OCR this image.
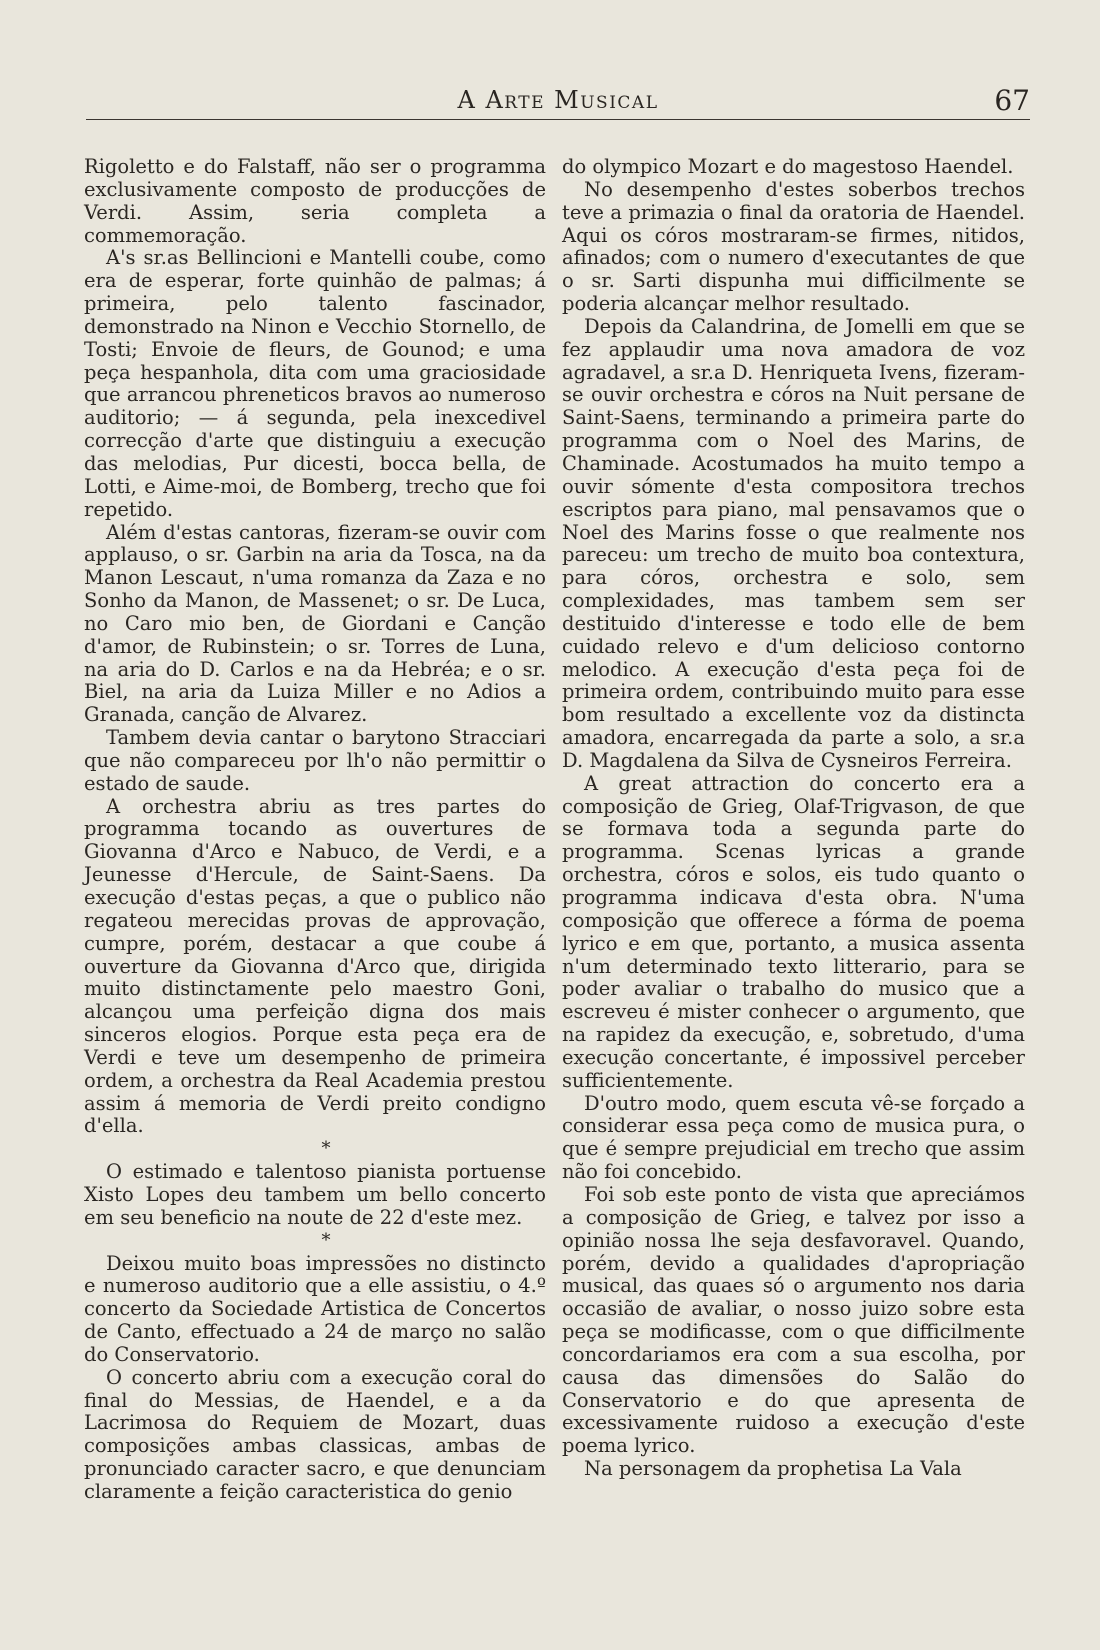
A Arte Musical	67

Rigoletto e do Falstaff, não ser o programma exclusivamente composto de producções de Verdi. Assim, seria completa a commemoração.

A's sr.as Bellincioni e Mantelli coube, como era de esperar, forte quinhão de palmas; á primeira, pelo talento fascinador, demonstrado na Ninon e Vecchio Stornello, de Tosti; Envoie de fleurs, de Gounod; e uma peça hespanhola, dita com uma graciosidade que arrancou phreneticos bravos ao numeroso auditorio; — á segunda, pela inexcedivel correcção d'arte que distinguiu a execução das melodias, Pur dicesti, bocca bella, de Lotti, e Aime-moi, de Bomberg, trecho que foi repetido.

Além d'estas cantoras, fizeram-se ouvir com applauso, o sr. Garbin na aria da Tosca, na da Manon Lescaut, n'uma romanza da Zaza e no Sonho da Manon, de Massenet; o sr. De Luca, no Caro mio ben, de Giordani e Canção d'amor, de Rubinstein; o sr. Torres de Luna, na aria do D. Carlos e na da Hebréa; e o sr. Biel, na aria da Luiza Miller e no Adios a Granada, canção de Alvarez.

Tambem devia cantar o barytono Stracciari que não compareceu por lh'o não permittir o estado de saude.

A orchestra abriu as tres partes do programma tocando as ouvertures de Giovanna d'Arco e Nabuco, de Verdi, e a Jeunesse d'Hercule, de Saint-Saens. Da execução d'estas peças, a que o publico não regateou merecidas provas de approvação, cumpre, porém, destacar a que coube á ouverture da Giovanna d'Arco que, dirigida muito distinctamente pelo maestro Goni, alcançou uma perfeição digna dos mais sinceros elogios. Porque esta peça era de Verdi e teve um desempenho de primeira ordem, a orchestra da Real Academia prestou assim á memoria de Verdi preito condigno d'ella.

*

O estimado e talentoso pianista portuense Xisto Lopes deu tambem um bello concerto em seu beneficio na noute de 22 d'este mez.

*

Deixou muito boas impressões no distincto e numeroso auditorio que a elle assistiu, o 4.º concerto da Sociedade Artistica de Concertos de Canto, effectuado a 24 de março no salão do Conservatorio.

O concerto abriu com a execução coral do final do Messias, de Haendel, e a da Lacrimosa do Requiem de Mozart, duas composições ambas classicas, ambas de pronunciado caracter sacro, e que denunciam claramente a feição caracteristica do genio

do olympico Mozart e do magestoso Haendel.

No desempenho d'estes soberbos trechos teve a primazia o final da oratoria de Haendel. Aqui os córos mostraram-se firmes, nitidos, afinados; com o numero d'executantes de que o sr. Sarti dispunha mui difficilmente se poderia alcançar melhor resultado.

Depois da Calandrina, de Jomelli em que se fez applaudir uma nova amadora de voz agradavel, a sr.a D. Henriqueta Ivens, fizeram-se ouvir orchestra e córos na Nuit persane de Saint-Saens, terminando a primeira parte do programma com o Noel des Marins, de Chaminade. Acostumados ha muito tempo a ouvir sómente d'esta compositora trechos escriptos para piano, mal pensavamos que o Noel des Marins fosse o que realmente nos pareceu: um trecho de muito boa contextura, para córos, orchestra e solo, sem complexidades, mas tambem sem ser destituido d'interesse e todo elle de bem cuidado relevo e d'um delicioso contorno melodico. A execução d'esta peça foi de primeira ordem, contribuindo muito para esse bom resultado a excellente voz da distincta amadora, encarregada da parte a solo, a sr.a D. Magdalena da Silva de Cysneiros Ferreira.

A great attraction do concerto era a composição de Grieg, Olaf-Trigvason, de que se formava toda a segunda parte do programma. Scenas lyricas a grande orchestra, córos e solos, eis tudo quanto o programma indicava d'esta obra. N'uma composição que offerece a fórma de poema lyrico e em que, portanto, a musica assenta n'um determinado texto litterario, para se poder avaliar o trabalho do musico que a escreveu é mister conhecer o argumento, que na rapidez da execução, e, sobretudo, d'uma execução concertante, é impossivel perceber sufficientemente.

D'outro modo, quem escuta vê-se forçado a considerar essa peça como de musica pura, o que é sempre prejudicial em trecho que assim não foi concebido.

Foi sob este ponto de vista que apreciámos a composição de Grieg, e talvez por isso a opinião nossa lhe seja desfavoravel. Quando, porém, devido a qualidades d'apropriação musical, das quaes só o argumento nos daria occasião de avaliar, o nosso juizo sobre esta peça se modificasse, com o que difficilmente concordariamos era com a sua escolha, por causa das dimensões do Salão do Conservatorio e do que apresenta de excessivamente ruidoso a execução d'este poema lyrico.

Na personagem da prophetisa La Vala
